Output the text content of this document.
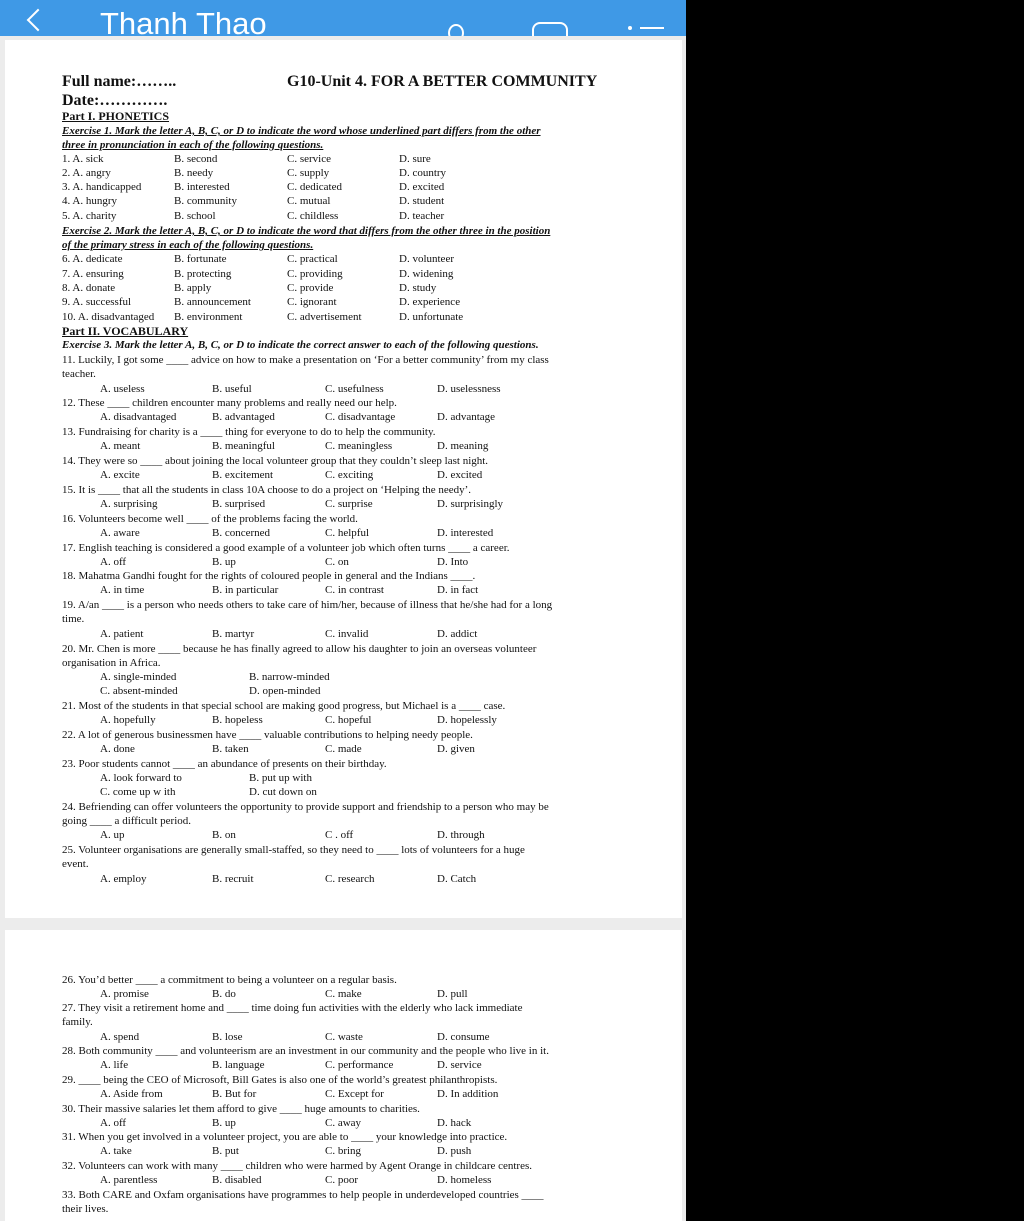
Thanh Thao
Full name:……..	G10-Unit 4. FOR A BETTER COMMUNITY
Date:………….
Part I. PHONETICS
Exercise 1. Mark the letter A, B, C, or D to indicate the word whose underlined part differs from the other
three in pronunciation in each of the following questions.
1. A. sick	B. second	C. service	D. sure
2. A. angry	B. needy	C. supply	D. country
3. A. handicapped	B. interested	C. dedicated	D. excited
4. A. hungry	B. community	C. mutual	D. student
5. A. charity	B. school	C. childless	D. teacher
Exercise 2. Mark the letter A, B, C, or D to indicate the word that differs from the other three in the position
of the primary stress in each of the following questions.
6. A. dedicate	B. fortunate	C. practical	D. volunteer
7. A. ensuring	B. protecting	C. providing	D. widening
8. A. donate	B. apply	C. provide	D. study
9. A. successful	B. announcement	C. ignorant	D. experience
10. A. disadvantaged B. environment	C. advertisement	D. unfortunate
Part II. VOCABULARY
Exercise 3. Mark the letter A, B, C, or D to indicate the correct answer to each of the following questions.
11. Luckily, I got some ____ advice on how to make a presentation on ‘For a better community’ from my class
teacher.
A. useless	B. useful	C. usefulness	D. uselessness
12. These ____ children encounter many problems and really need our help.
A. disadvantaged	B. advantaged	C. disadvantage	D. advantage
13. Fundraising for charity is a ____ thing for everyone to do to help the community.
A. meant	B. meaningful	C. meaningless	D. meaning
14. They were so ____ about joining the local volunteer group that they couldn’t sleep last night.
A. excite	B. excitement	C. exciting	D. excited
15. It is ____ that all the students in class 10A choose to do a project on ‘Helping the needy’.
A. surprising	B. surprised	C. surprise	D. surprisingly
16. Volunteers become well ____ of the problems facing the world.
A. aware	B. concerned	C. helpful	D. interested
17. English teaching is considered a good example of a volunteer job which often turns ____ a career.
A. off	B. up	C. on	D. Into
18. Mahatma Gandhi fought for the rights of coloured people in general and the Indians ____.
A. in time	B. in particular	C. in contrast	D. in fact
19. A/an ____ is a person who needs others to take care of him/her, because of illness that he/she had for a long
time.
A. patient	B. martyr	C. invalid	D. addict
20. Mr. Chen is more ____ because he has finally agreed to allow his daughter to join an overseas volunteer
organisation in Africa.
A. single-minded	B. narrow-minded
C. absent-minded	D. open-minded
21. Most of the students in that special school are making good progress, but Michael is a ____ case.
A. hopefully	B. hopeless	C. hopeful	D. hopelessly
22. A lot of generous businessmen have ____ valuable contributions to helping needy people.
A. done	B. taken	C. made	D. given
23. Poor students cannot ____ an abundance of presents on their birthday.
A. look forward to	B. put up with
C. come up w ith	D. cut down on
24. Befriending can offer volunteers the opportunity to provide support and friendship to a person who may be
going ____ a difficult period.
A. up	B. on	C . off	D. through
25. Volunteer organisations are generally small-staffed, so they need to ____ lots of volunteers for a huge
event.
A. employ	B. recruit	C. research	D. Catch
26. You’d better ____ a commitment to being a volunteer on a regular basis.
A. promise	B. do	C. make	D. pull
27. They visit a retirement home and ____ time doing fun activities with the elderly who lack immediate
family.
A. spend	B. lose	C. waste	D. consume
28. Both community ____ and volunteerism are an investment in our community and the people who live in it.
A. life	B. language	C. performance	D. service
29. ____ being the CEO of Microsoft, Bill Gates is also one of the world’s greatest philanthropists.
A. Aside from	B. But for	C. Except for	D. In addition
30. Their massive salaries let them afford to give ____ huge amounts to charities.
A. off	B. up	C. away	D. hack
31. When you get involved in a volunteer project, you are able to ____ your knowledge into practice.
A. take	B. put	C. bring	D. push
32. Volunteers can work with many ____ children who were harmed by Agent Orange in childcare centres.
A. parentless	B. disabled	C. poor	D. homeless
33. Both CARE and Oxfam organisations have programmes to help people in underdeveloped countries ____
their lives.
